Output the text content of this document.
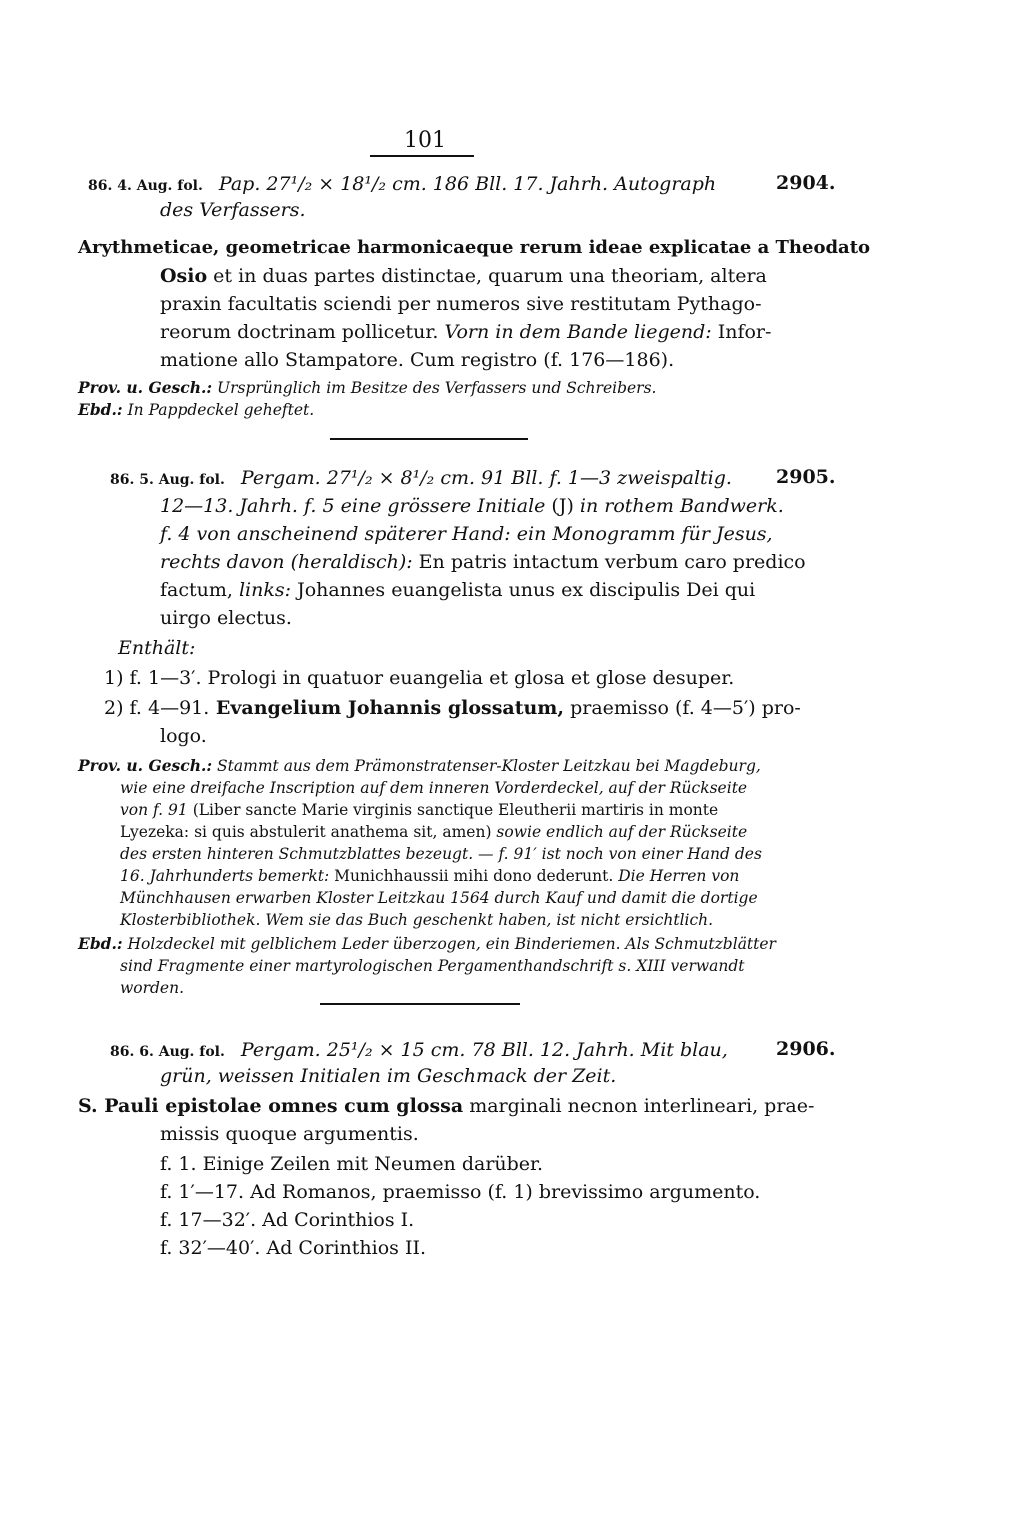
101
86. 4. Aug. fol. Pap. 27¹/₂ × 18¹/₂ cm. 186 Bll. 17. Jahrh. Autograph	2904.
des Verfassers.
Arythmeticae, geometricae harmonicaeque rerum ideae explicatae a Theodato
Osio et in duas partes distinctae, quarum una theoriam, altera
praxin facultatis sciendi per numeros sive restitutam Pythago-
reorum doctrinam pollicetur. Vorn in dem Bande liegend: Infor-
matione allo Stampatore. Cum registro (f. 176—186).
Prov. u. Gesch.: Ursprünglich im Besitze des Verfassers und Schreibers.
Ebd.: In Pappdeckel geheftet.
86. 5. Aug. fol. Pergam. 27¹/₂ × 8¹/₂ cm. 91 Bll. f. 1—3 zweispaltig. 2905.
12—13. Jahrh. f. 5 eine grössere Initiale (J) in rothem Bandwerk.
f. 4 von anscheinend späterer Hand: ein Monogramm für Jesus,
rechts davon (heraldisch): En patris intactum verbum caro predico
factum, links: Johannes euangelista unus ex discipulis Dei qui
uirgo electus.
Enthält:
1) f. 1—3′. Prologi in quatuor euangelia et glosa et glose desuper.
2) f. 4—91. Evangelium Johannis glossatum, praemisso (f. 4—5′) pro-
logo.
Prov. u. Gesch.: Stammt aus dem Prämonstratenser-Kloster Leitzkau bei Magdeburg,
wie eine dreifache Inscription auf dem inneren Vorderdeckel, auf der Rückseite
von f. 91 (Liber sancte Marie virginis sanctique Eleutherii martiris in monte
Lyezeka: si quis abstulerit anathema sit, amen) sowie endlich auf der Rückseite
des ersten hinteren Schmutzblattes bezeugt. — f. 91′ ist noch von einer Hand des
16. Jahrhunderts bemerkt: Munichhaussii mihi dono dederunt. Die Herren von
Münchhausen erwarben Kloster Leitzkau 1564 durch Kauf und damit die dortige
Klosterbibliothek. Wem sie das Buch geschenkt haben, ist nicht ersichtlich.
Ebd.: Holzdeckel mit gelblichem Leder überzogen, ein Binderiemen. Als Schmutzblätter
sind Fragmente einer martyrologischen Pergamenthandschrift s. XIII verwandt
worden.
86. 6. Aug. fol. Pergam. 25¹/₂ × 15 cm. 78 Bll. 12. Jahrh. Mit blau,	2906.
grün, weissen Initialen im Geschmack der Zeit.
S. Pauli epistolae omnes cum glossa marginali necnon interlineari, prae-
missis quoque argumentis.
f. 1. Einige Zeilen mit Neumen darüber.
f. 1′—17. Ad Romanos, praemisso (f. 1) brevissimo argumento.
f. 17—32′. Ad Corinthios I.
f. 32′—40′. Ad Corinthios II.
